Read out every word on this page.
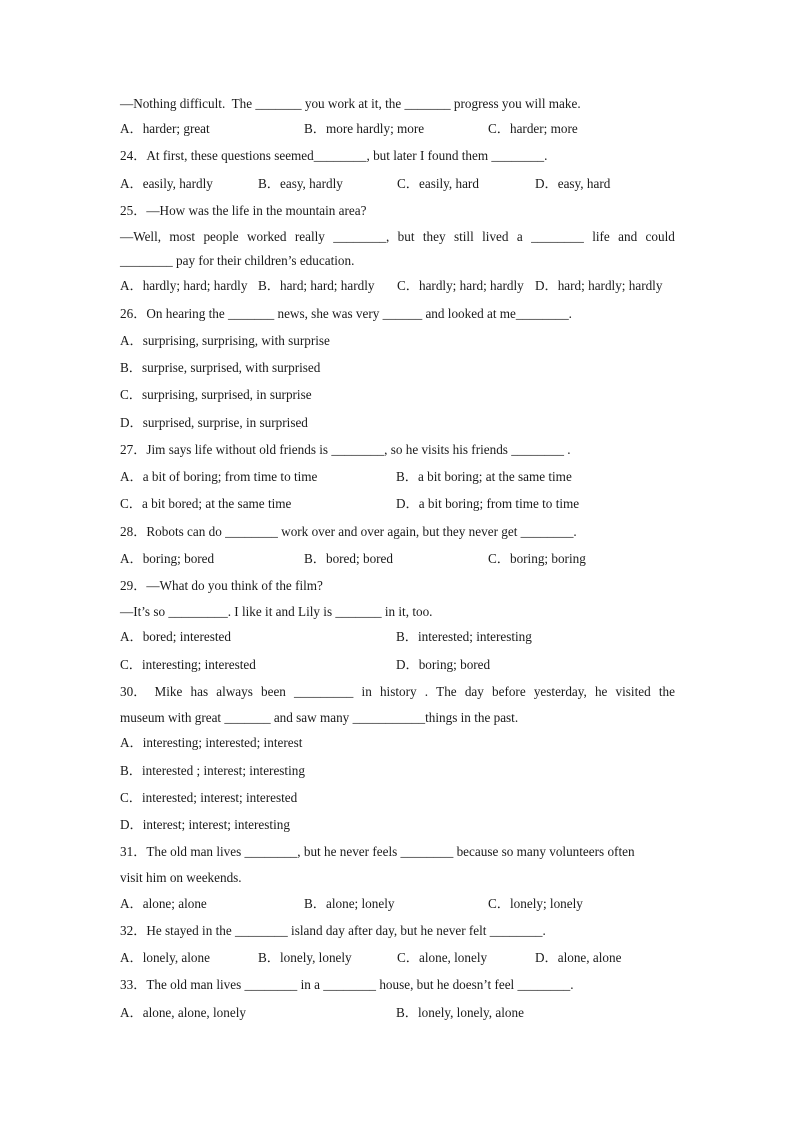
—Nothing difficult.  The _______ you work at it, the _______ progress you will make.
A．harder; great	B．more hardly; more	C．harder; more
24．At first, these questions seemed________, but later I found them ________.
A．easily, hardly	B．easy, hardly	C．easily, hard	D．easy, hard
25．—How was the life in the mountain area?
—Well, most people worked really ________, but they still lived a ________ life and could
________ pay for their children’s education.
A．hardly; hard; hardly B．hard; hard; hardly C．hardly; hard; hardly D．hard; hardly; hardly
26．On hearing the _______ news, she was very ______ and looked at me________.
A．surprising, surprising, with surprise
B．surprise, surprised, with surprised
C．surprising, surprised, in surprise
D．surprised, surprise, in surprised
27．Jim says life without old friends is ________, so he visits his friends ________ .
A．a bit of boring; from time to time	B．a bit boring; at the same time
C．a bit bored; at the same time	D．a bit boring; from time to time
28．Robots can do ________ work over and over again, but they never get ________.
A．boring; bored	B．bored; bored	C．boring; boring
29．—What do you think of the film?
—It’s so _________. I like it and Lily is _______ in it, too.
A．bored; interested	B．interested; interesting
C．interesting; interested	D．boring; bored
30． Mike has always been _________ in history . The day before yesterday, he visited the
museum with great _______ and saw many ___________things in the past.
A．interesting; interested; interest
B．interested ; interest; interesting
C．interested; interest; interested
D．interest; interest; interesting
31．The old man lives ________, but he never feels ________ because so many volunteers often
visit him on weekends.
A．alone; alone	B．alone; lonely	C．lonely; lonely
32．He stayed in the ________ island day after day, but he never felt ________.
A．lonely, alone	B．lonely, lonely	C．alone, lonely	D．alone, alone
33．The old man lives ________ in a ________ house, but he doesn’t feel ________.
A．alone, alone, lonely	B．lonely, lonely, alone
